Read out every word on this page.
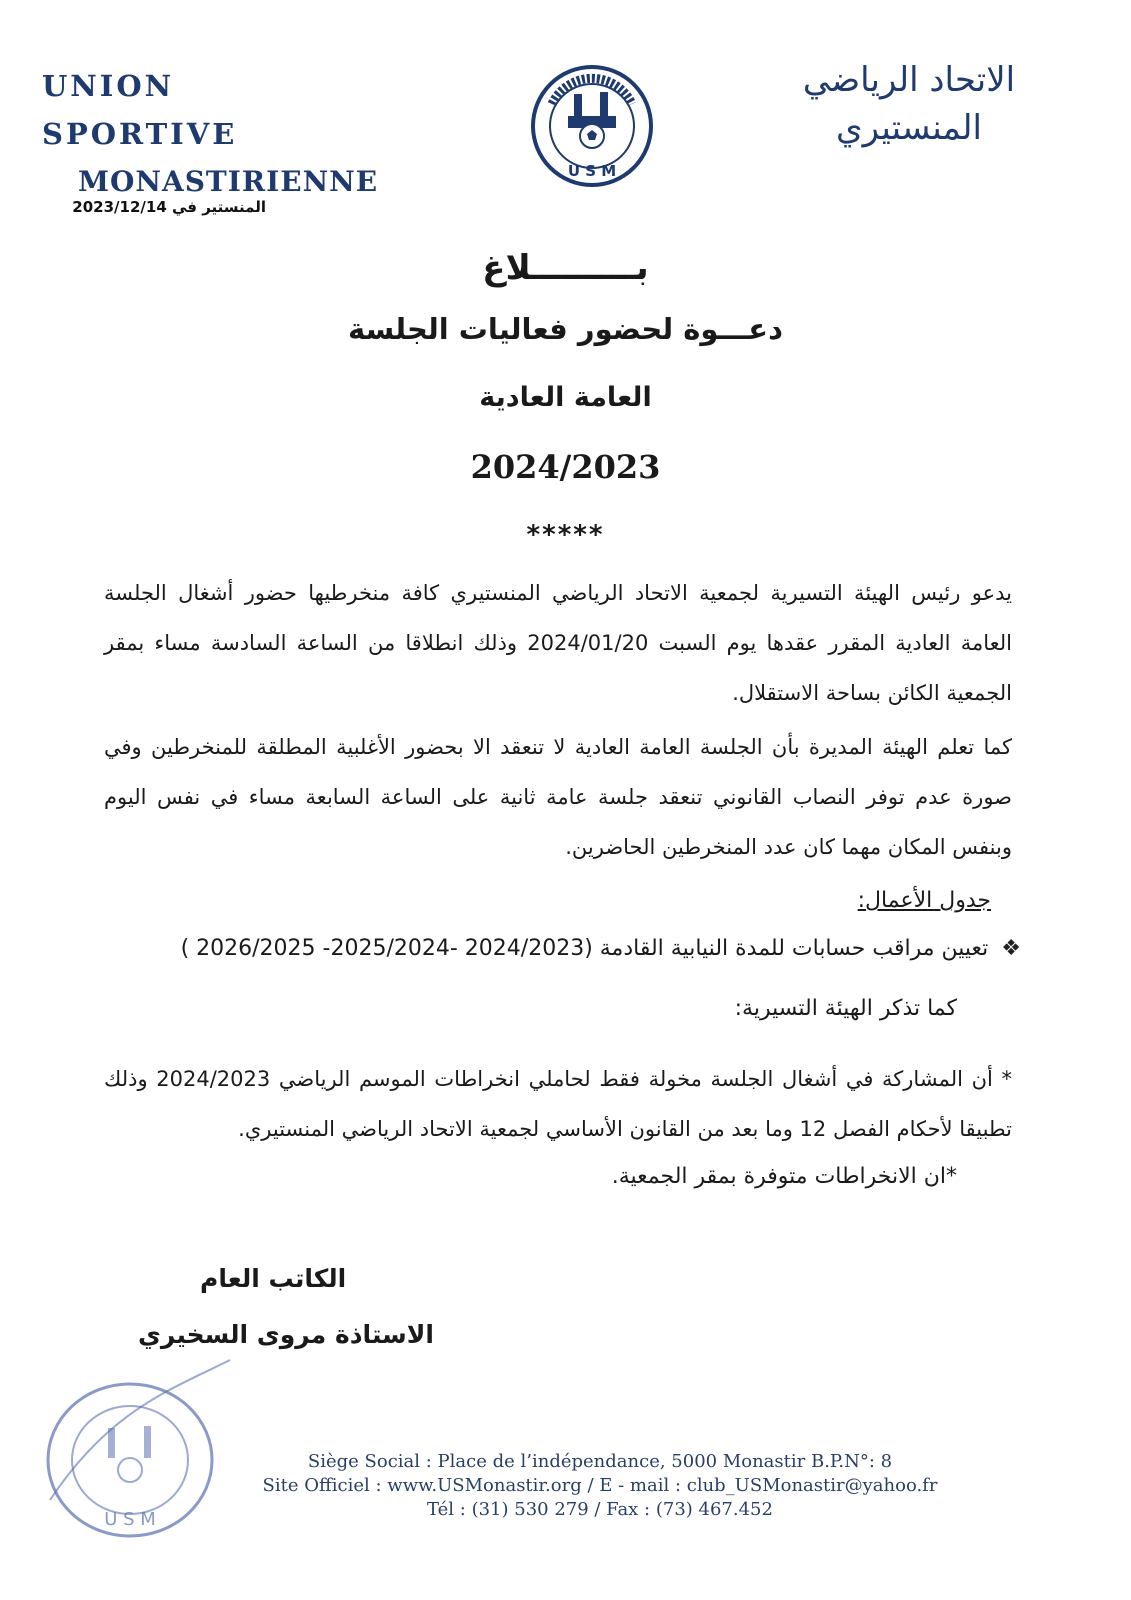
UNION SPORTIVE
MONASTIRIENNE	U S M
الاتحاد الرياضي
المنستيري
المنستير في 2023/12/14
بـــــــــلاغ
دعـــوة لحضور فعاليات الجلسة
العامة العادية
2024/2023
*****
يدعو رئيس الهيئة التسيرية لجمعية الاتحاد الرياضي المنستيري كافة منخرطيها حضور أشغال الجلسة العامة العادية المقرر عقدها يوم السبت 2024/01/20 وذلك انطلاقا من الساعة السادسة مساء بمقر الجمعية الكائن بساحة الاستقلال.
كما تعلم الهيئة المديرة بأن الجلسة العامة العادية لا تنعقد الا بحضور الأغلبية المطلقة للمنخرطين وفي صورة عدم توفر النصاب القانوني تنعقد جلسة عامة ثانية على الساعة السابعة مساء في نفس اليوم وبنفس المكان مهما كان عدد المنخرطين الحاضرين.
جدول الأعمال:
❖ تعيين مراقب حسابات للمدة النيابية القادمة (2024/2023 -2025/2024- 2026/2025 )
كما تذكر الهيئة التسيرية:
* أن المشاركة في أشغال الجلسة مخولة فقط لحاملي انخراطات الموسم الرياضي 2024/2023 وذلك تطبيقا لأحكام الفصل 12 وما بعد من القانون الأساسي لجمعية الاتحاد الرياضي المنستيري.
*ان الانخراطات متوفرة بمقر الجمعية.
الكاتب العام
الاستاذة مروى السخيري
U S M
Siège Social : Place de l’indépendance, 5000 Monastir B.P.N°: 8
Site Officiel : www.USMonastir.org / E - mail : club_USMonastir@yahoo.fr
Tél : (31) 530 279 / Fax : (73) 467.452
